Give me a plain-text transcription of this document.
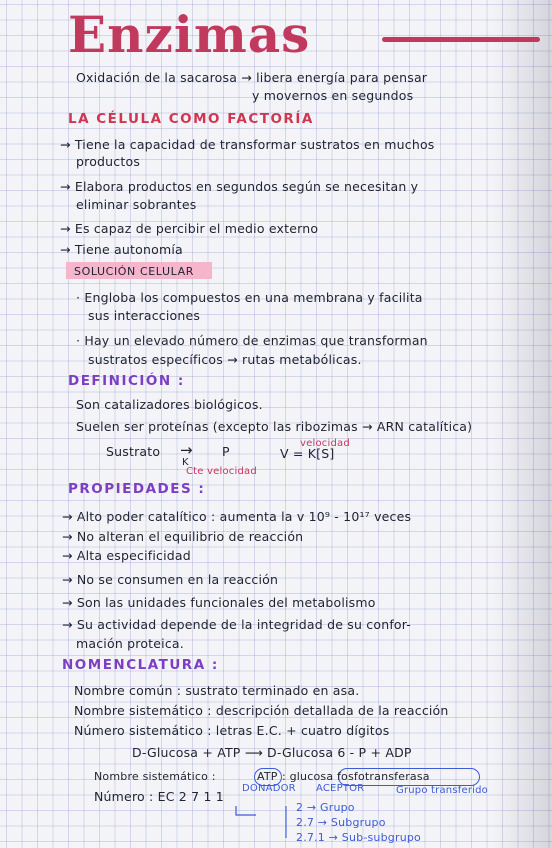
Enzimas
Oxidación de la sacarosa → libera energía para pensar
y movernos en segundos
LA CÉLULA COMO FACTORÍA
→ Tiene la capacidad de transformar sustratos en muchos
productos
→ Elabora productos en segundos según se necesitan y
eliminar sobrantes
→ Es capaz de percibir el medio externo
→ Tiene autonomía
SOLUCIÓN CELULAR
· Engloba los compuestos en una membrana y facilita
sus interacciones
· Hay un elevado número de enzimas que transforman
sustratos específicos → rutas metabólicas.
DEFINICIÓN :
Son catalizadores biológicos.
Suelen ser proteínas (excepto las ribozimas → ARN catalítica)
Sustrato → P
K
Cte velocidad
velocidad
V = K[S]
PROPIEDADES :
→ Alto poder catalítico : aumenta la v 10⁹ - 10¹⁷ veces
→ No alteran el equilibrio de reacción
→ Alta especificidad
→ No se consumen en la reacción
→ Son las unidades funcionales del metabolismo
→ Su actividad depende de la integridad de su confor-
mación proteica.
NOMENCLATURA :
Nombre común : sustrato terminado en asa.
Nombre sistemático : descripción detallada de la reacción
Número sistemático : letras E.C. + cuatro dígitos
D-Glucosa + ATP ⟶ D-Glucosa 6 - P + ADP
Nombre sistemático :	ATP : glucosa fosfotransferasa
DONADOR ACEPTOR	Grupo transferido
Número : EC 2 7 1 1
2 → Grupo
2.7 → Subgrupo
2.7.1 → Sub-subgrupo
